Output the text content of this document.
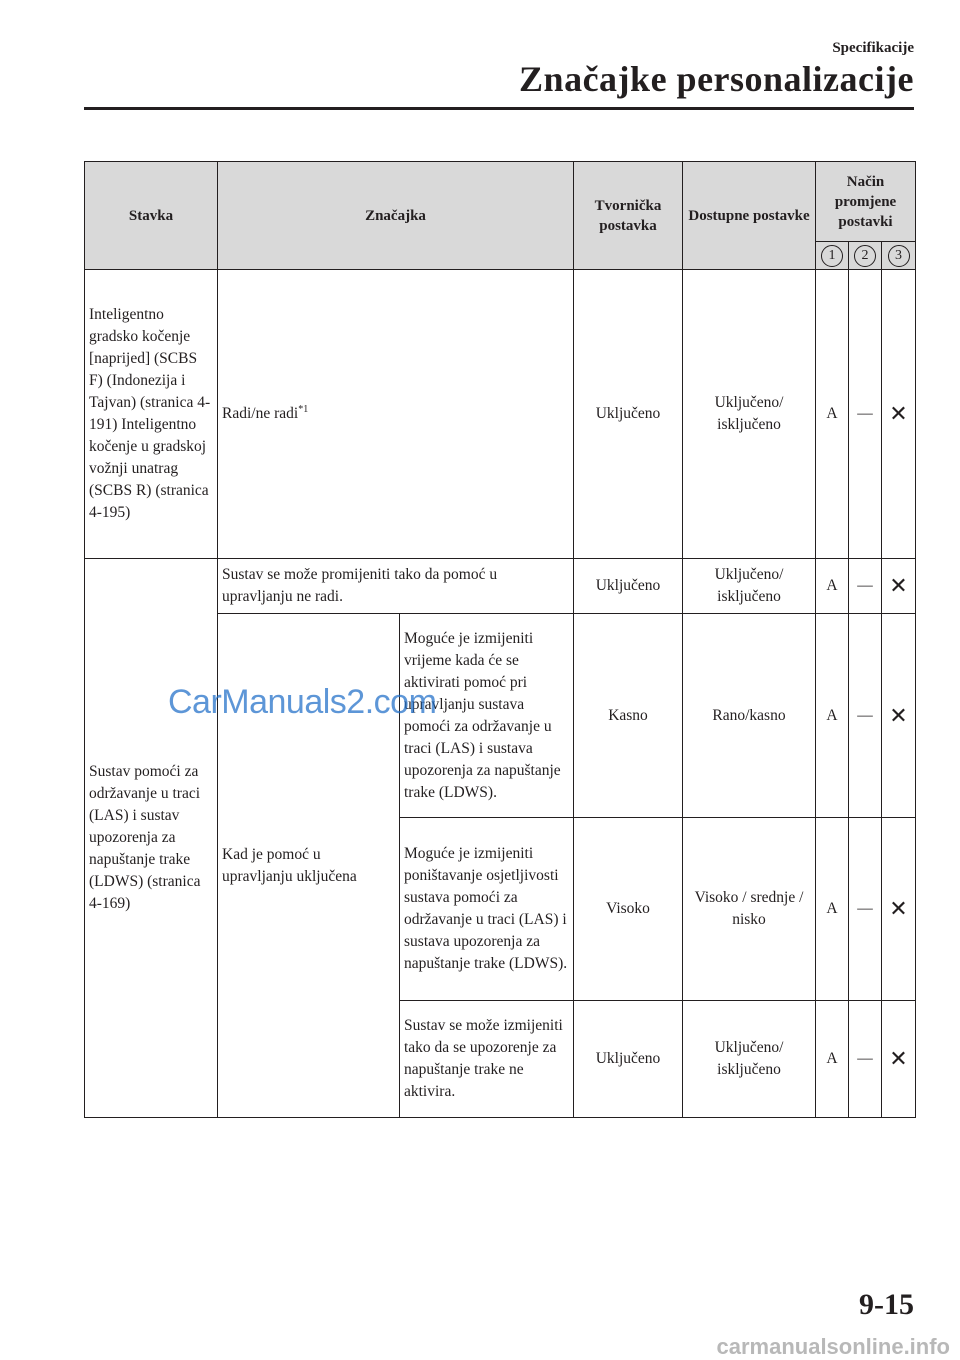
Specifikacije
Značajke personalizacije
Stavka	Značajka		Tvornička postavka	Dostupne postavke	Način promjene postavki		
					1	2	3
Inteligentno gradsko kočenje [naprijed] (SCBS F) (Indonezija i Tajvan) (stranica 4-191) Inteligentno kočenje u gradskoj vožnji unatrag (SCBS R) (stranica 4-195)	Radi/ne radi$^{*1}$		Uključeno	Uključeno/ isključeno	A	—	✕
Sustav pomoći za održavanje u traci (LAS) i sustav upozorenja za napuštanje trake (LDWS) (stranica 4-169)	Sustav se može promijeniti tako da pomoć u upravljanju ne radi.		Uključeno	Uključeno/ isključeno	A	—	✕
	Kad je pomoć u upravljanju uključena	Moguće je izmijeniti vrijeme kada će se aktivirati pomoć pri upravljanju sustava pomoći za održavanje u traci (LAS) i sustava upozorenja za napuštanje trake (LDWS).	Kasno	Rano/kasno	A	—	✕
		Moguće je izmijeniti poništavanje osjetljivosti sustava pomoći za održavanje u traci (LAS) i sustava upozorenja za napuštanje trake (LDWS).	Visoko	Visoko / srednje / nisko	A	—	✕
		Sustav se može izmijeniti tako da se upozorenje za napuštanje trake ne aktivira.	Uključeno	Uključeno/ isključeno	A	—	✕
CarManuals2.com
9-15
carmanualsonline.info
